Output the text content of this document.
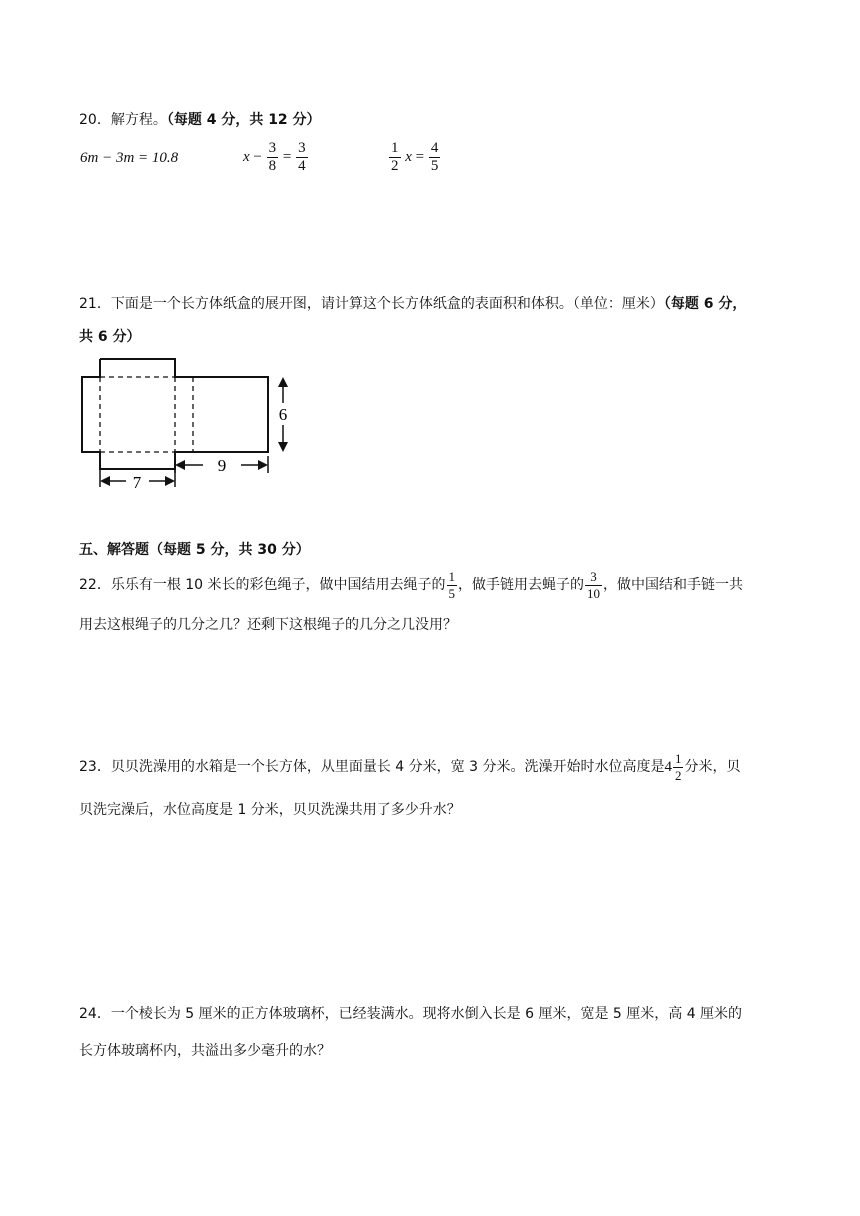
20．解方程。（每题 4 分，共 12 分）
6m − 3m = 10.8	$x - \frac{3}{8} = \frac{3}{4}$	$\frac{1}{2}$ $x = \frac{4}{5}$
21．下面是一个长方体纸盒的展开图，请计算这个长方体纸盒的表面积和体积。（单位：厘米）（每题 6 分，
共 6 分）
6
9
7
五、解答题（每题 5 分，共 30 分）
22．乐乐有一根 10 米长的彩色绳子，做中国结用去绳子的 $\frac{1}{5}$ ，做手链用去蝇子的 $\frac{3}{10}$ ，做中国结和手链一共
用去这根绳子的几分之几？还剩下这根绳子的几分之几没用？
23．贝贝洗澡用的水箱是一个长方体，从里面量长 4 分米，宽 3 分米。洗澡开始时水位高度是$4 \frac{1}{2}$ 分米，贝
贝洗完澡后，水位高度是 1 分米，贝贝洗澡共用了多少升水？
24．一个棱长为 5 厘米的正方体玻璃杯，已经装满水。现将水倒入长是 6 厘米，宽是 5 厘米，高 4 厘米的
长方体玻璃杯内，共溢出多少毫升的水？
